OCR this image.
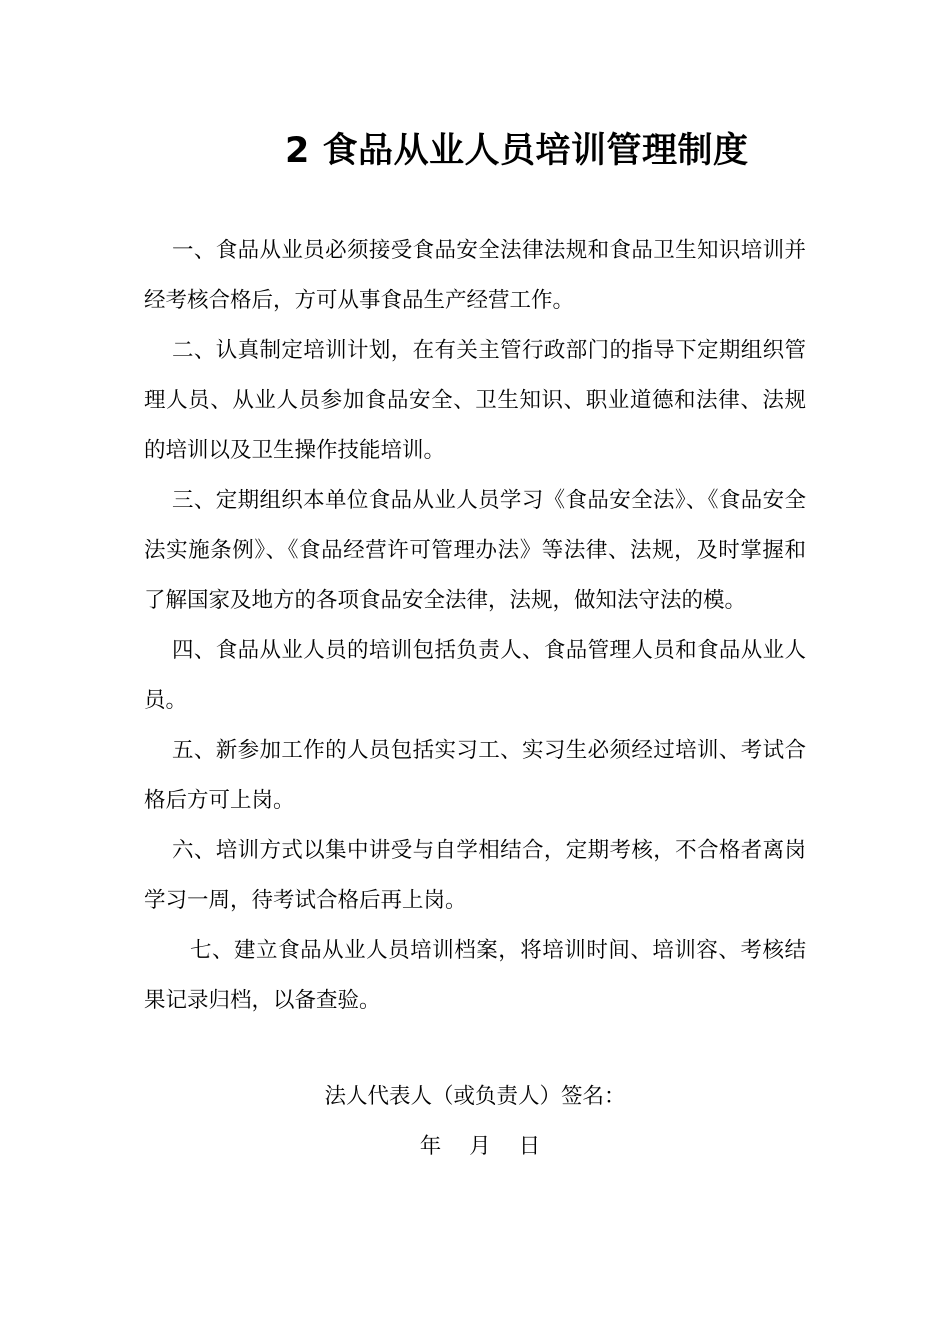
2 食品从业人员培训管理制度

一、食品从业员必须接受食品安全法律法规和食品卫生知识培训并经考核合格后，方可从事食品生产经营工作。

二、认真制定培训计划，在有关主管行政部门的指导下定期组织管理人员、从业人员参加食品安全、卫生知识、职业道德和法律、法规的培训以及卫生操作技能培训。

三、定期组织本单位食品从业人员学习《食品安全法》、《食品安全法实施条例》、《食品经营许可管理办法》等法律、法规，及时掌握和了解国家及地方的各项食品安全法律，法规，做知法守法的模。

四、食品从业人员的培训包括负责人、食品管理人员和食品从业人员。

五、新参加工作的人员包括实习工、实习生必须经过培训、考试合格后方可上岗。

六、培训方式以集中讲受与自学相结合，定期考核，不合格者离岗学习一周，待考试合格后再上岗。

七、建立食品从业人员培训档案，将培训时间、培训容、考核结果记录归档，以备查验。

法人代表人（或负责人）签名：
年 月 日
